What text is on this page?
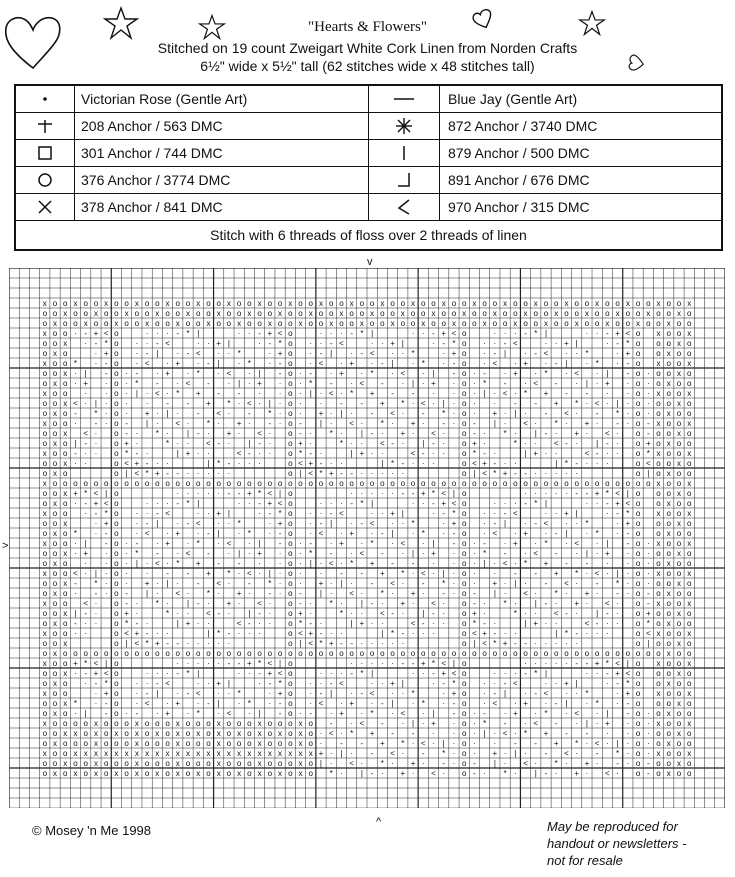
"Hearts & Flowers"
Stitched on 19 count Zweigart White Cork Linen from Norden Crafts
6½" wide x 5½" tall (62 stitches wide x 48 stitches tall)
Victorian Rose (Gentle Art)	Blue Jay (Gentle Art)
208 Anchor / 563 DMC	872 Anchor / 3740 DMC
301 Anchor / 744 DMC	879 Anchor / 500 DMC
376 Anchor / 3774 DMC	891 Anchor / 676 DMC
378 Anchor / 841 DMC	970 Anchor / 315 DMC
Stitch with 6 threads of floss over 2 threads of linen
v
>
^
x o o x o o x o o x o o x o o x o o x o o x o o x o o x o o x o o x o o x o o x o o x o o x o o x o o x o o x o o x o o x o o x
o o x o o x o o x o o x o o x o o x o o x o o x o o x o o x o o x o o x o o x o o x o o x o o x o o x o o x o o x o o x o o x o
o x o o x o o x o o x o o x o o x o o x o o x o o x o o x o o x o o x o o x o o x o o x o o x o o x o o x o o x o o x o o x o o
x o o · - + < o	· · · - * |	· · - + < o	· · · - * |	· · - + < o	· · · - * |	· · - + < o x o o x
o o x · - * o · · - <	· · + |	· - * o · · - <	· · + |	· - * o · · - <	· · + |	· - * o o o x o
o x o	· + o · - | · - < · · *	· + o · - | · - < · · *	· + o · - | · - < · · *	· + o o x o o
x o o * · - o · < · + · - | · * · - o · < · + · - | · * · - o · < · + · - | · * · - o x o o x
o o x · | - o · - · + · * · < · | - o · - · + · * · < · | - o · - · + · * · < · | - o · o o x o
o x o · + · o · * - · < - · | · + · o · * - · < - · | · + · o · * - · < - · | · + · o · o x o o
x o o · · o · | · < · * + - - · · o · | · < · * + - - · · o · | · < · * + - - · · o · x o o x
o o x < · | · o · · - - + * · < · | · o · · - - + * · < · | · o · · - - + * · < · | · o · o o x o
o x o - * · o · + · | · - < · - * · o · + · | · - < · - * · o · + · | · - < · - * · o · o x o o
x o o · - · o - | · < · * · + · - · o - | · < · * · + · - · o - | · < · * · + · - · o - x o o x
o o x < · o - · * · | - · + · < · o - · * · | - · + · < · o - · * · | - · + · < · o - o o x o
o x o | - · o + ·	* · · < - · | - · o + ·	* · · < - · | - · o + ·	* · · < - · | - · o + o x o o
x o o - · · o * - ·	| + · ·	< - · · o * - ·	| + · ·	< - · · o * - ·	| + · ·	< - · · o * x o o x
o o x · ·	o < + - · ·	| * - · · ·	o < + - · ·	| * - · · ·	o < + - · ·	| * - · · ·	o < o o x o
o x o	o | < * + - - · · · · ·	o | < * + - - · · · · ·	o | < * + - - · · · · ·	o | o x o o
x o o o o o o o o o o o o o o o o o o o o o o o o o o o o o o o o o o o o o o o o o o o o o o o o o o o o o o o o o o o x o o x
o o x + * < | o	· · · · · - - + * < | o	· · · · · - - + * < | o	· · · · · - - + * < | o o o x o
o x o · - + < o	· · · - * |	· · - + < o	· · · - * |	· · - + < o	· · · - * |	· · - + < o o x o o
x o o · - * o · · - <	· · + |	· - * o · · - <	· · + |	· - * o · · - <	· · + |	· - * o x o o x
o o x	· + o · - | · - < · · *	· + o · - | · - < · · *	· + o · - | · - < · · *	· + o o o x o
o x o * · - o · < · + · - | · * · - o · < · + · - | · * · - o · < · + · - | · * · - o o x o o
x o o · | - o · - · + · * · < · | - o · - · + · * · < · | - o · - · + · * · < · | - o · x o o x
o o x · + · o · * - · < - · | · + · o · * - · < - · | · + · o · * - · < - · | · + · o · o o x o
o x o · · o · | · < · * + - - · · o · | · < · * + - - · · o · | · < · * + - - · · o · o x o o
x o o < · | · o · · - - + * · < · | · o · · - - + * · < · | · o · · - - + * · < · | · o · x o o x
o o x - * · o · + · | · - < · - * · o · + · | · - < · - * · o · + · | · - < · - * · o · o o x o
o x o · - · o - | · < · * · + · - · o - | · < · * · + · - · o - | · < · * · + · - · o - o x o o
x o o < · o - · * · | - · + · < · o - · * · | - · + · < · o - · * · | - · + · < · o - x o o x
o o x | - · o + ·	* · · < - · | - · o + ·	* · · < - · | - · o + ·	* · · < - · | - · o + o o x o
o x o - · · o * - ·	| + · ·	< - · · o * - ·	| + · ·	< - · · o * - ·	| + · ·	< - · · o * o x o o
x o o · ·	o < + - · ·	| * - · · ·	o < + - · ·	| * - · · ·	o < + - · ·	| * - · · ·	o < x o o x
o o x	o | < * + - - · · · · ·	o | < * + - - · · · · ·	o | < * + - - · · · · ·	o | o o x o
o x o o o o o o o o o o o o o o o o o o o o o o o o o o o o o o o o o o o o o o o o o o o o o o o o o o o o o o o o o o o x o o
x o o + * < | o	· · · · · - - + * < | o	· · · · · - - + * < | o	· · · · · - - + * < | o x o o x
o o x · - + < o	· · · - * |	· · - + < o	· · · - * |	· · - + < o	· · · - * |	· · - + < o o o x o
o x o · - * o · · - <	· · + |	· - * o · · - <	· · + |	· - * o · · - <	· · + |	· - * o o x o o
x o o	· + o · - | · - < · · *	· + o · - | · - < · · *	· + o · - | · - < · · *	· + o x o o x
o o x * · - o · < · + · - | · * · - o · < · + · - | · * · - o · < · + · - | · * · - o o o x o
o x o · | - o · - · + · * · < · | - o · - · + · * · < · | - o · - · + · * · < · | - o · o x o o
x o o o o x o o o x o o o x o o o x o o o x o o o x o - · < - · | · + · o · * - · < - · | · + · o · x o o x
o o x x o x o x o x o x o x o x o x o x o x o x o x o · < · * + - - · · o · | · < · * + - - · · o · o o x o
o x o o o x o o o x o o o x o o o x o o o x o o o x o · - - + * · < · | · o · · - - + * · < · | · o · o x o o
x o o x x x x x x x x x x x x x x x x x x x x x x x x + · | · - < · - * · o · + · | · - < · - * · o · x o o x
o o x o o x o o o x o o o x o o o x o o o x o o o x o | · < · * · + · - · o - | · < · * · + · - · o - o o x o
o x o x o x o x o x o x o x o x o x o x o x o x o x o * · | - · + · < · o - · * · | - · + · < · o - o x o o
© Mosey 'n Me 1998	May be reproduced for
handout or newsletters -
not for resale
